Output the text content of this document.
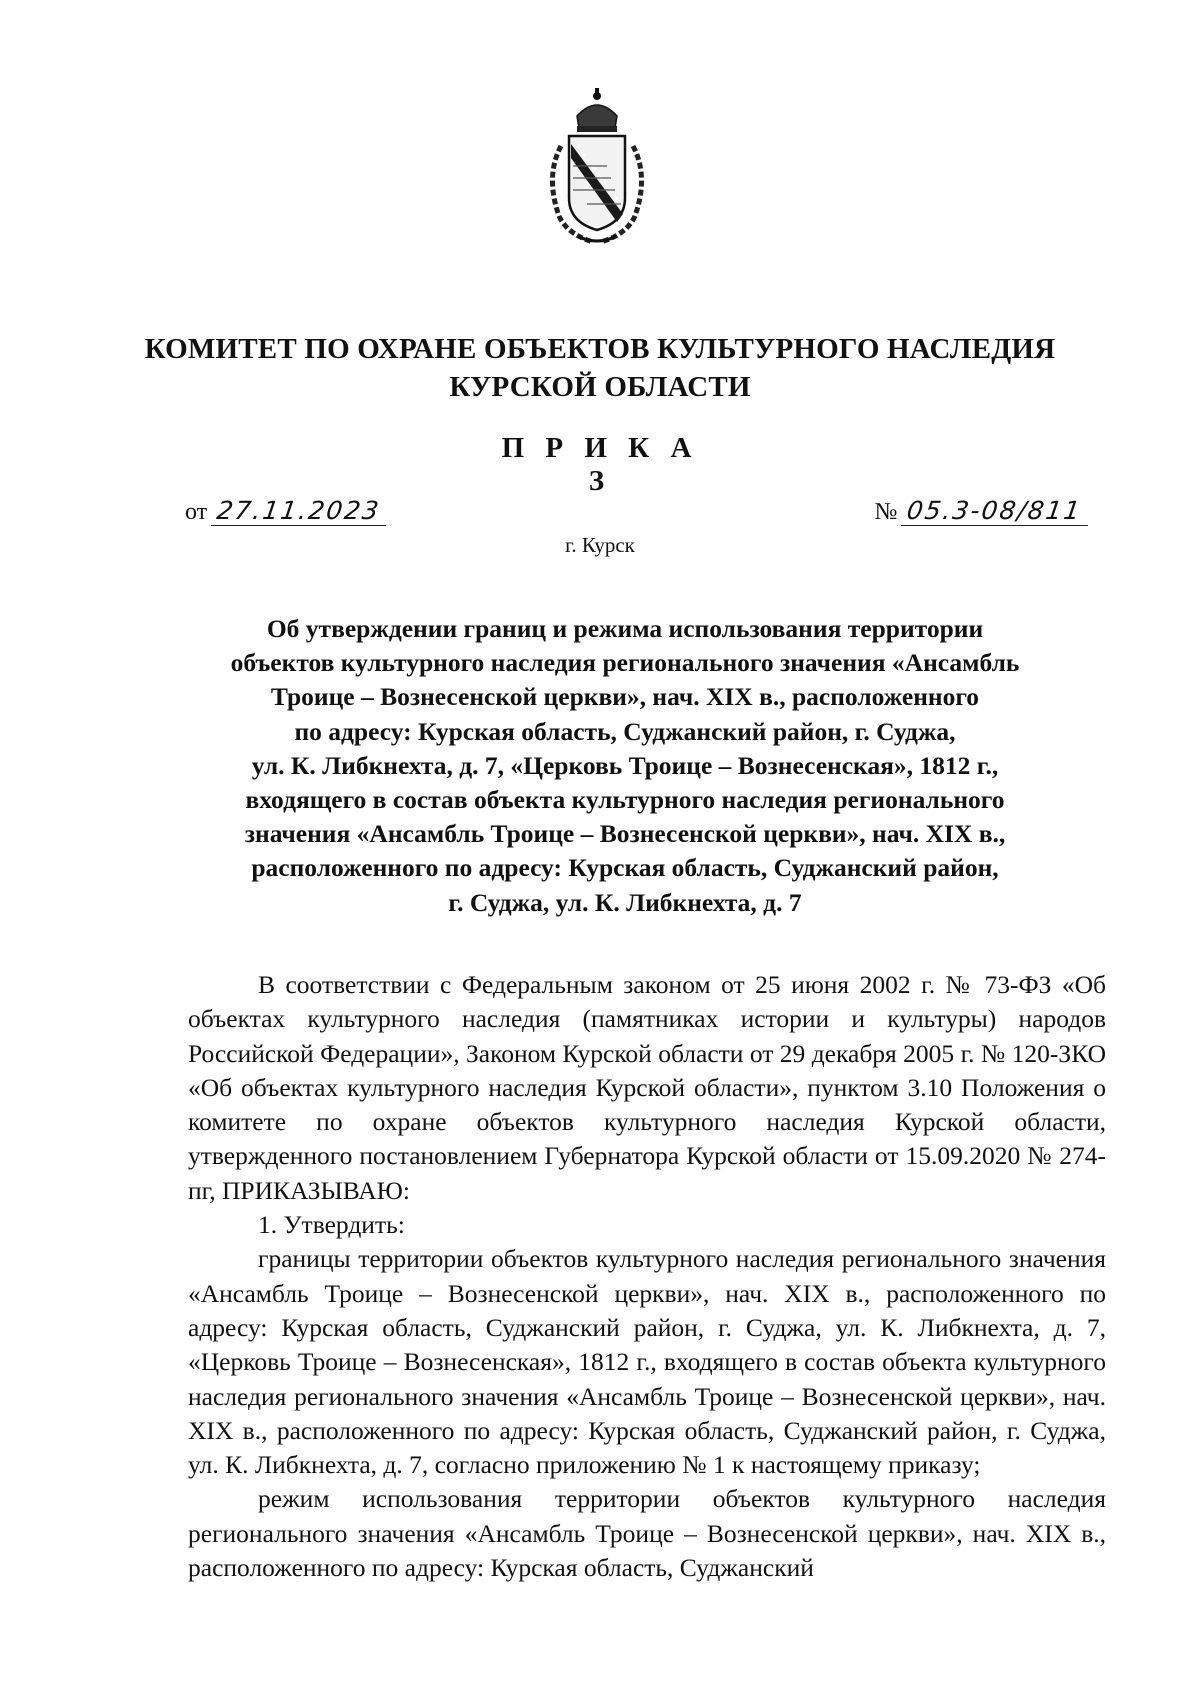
КОМИТЕТ ПО ОХРАНЕ ОБЪЕКТОВ КУЛЬТУРНОГО НАСЛЕДИЯ
КУРСКОЙ ОБЛАСТИ
П Р И К А З
от 27.11.2023	№ 05.3-08/811
г. Курск
Об утверждении границ и режима использования территории
объектов культурного наследия регионального значения «Ансамбль
Троице – Вознесенской церкви», нач. XIX в., расположенного
по адресу: Курская область, Суджанский район, г. Суджа,
ул. К. Либкнехта, д. 7, «Церковь Троице – Вознесенская», 1812 г.,
входящего в состав объекта культурного наследия регионального
значения «Ансамбль Троице – Вознесенской церкви», нач. XIX в.,
расположенного по адресу: Курская область, Суджанский район,
г. Суджа, ул. К. Либкнехта, д. 7

В соответствии с Федеральным законом от 25 июня 2002 г. № 73-ФЗ «Об объектах культурного наследия (памятниках истории и культуры) народов Российской Федерации», Законом Курской области от 29 декабря 2005 г. № 120-ЗКО «Об объектах культурного наследия Курской области», пунктом 3.10 Положения о комитете по охране объектов культурного наследия Курской области, утвержденного постановлением Губернатора Курской области от 15.09.2020 № 274-пг, ПРИКАЗЫВАЮ:

1. Утвердить:

границы территории объектов культурного наследия регионального значения «Ансамбль Троице – Вознесенской церкви», нач. XIX в., расположенного по адресу: Курская область, Суджанский район, г. Суджа, ул. К. Либкнехта, д. 7, «Церковь Троице – Вознесенская», 1812 г., входящего в состав объекта культурного наследия регионального значения «Ансамбль Троице – Вознесенской церкви», нач. XIX в., расположенного по адресу: Курская область, Суджанский район, г. Суджа, ул. К. Либкнехта, д. 7, согласно приложению № 1 к настоящему приказу;

режим использования территории объектов культурного наследия регионального значения «Ансамбль Троице – Вознесенской церкви», нач. XIX в., расположенного по адресу: Курская область, Суджанский
